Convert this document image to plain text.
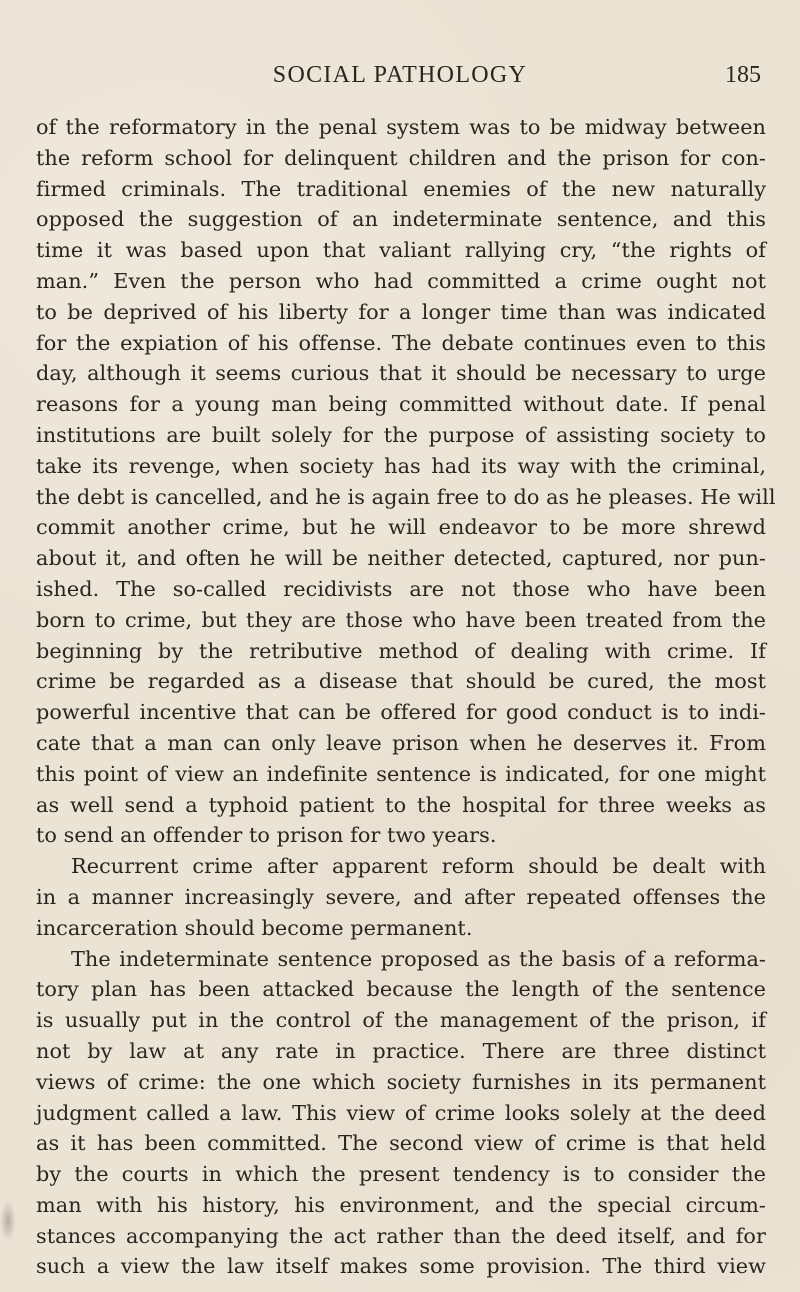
SOCIAL PATHOLOGY	185
of the reformatory in the penal system was to be midway between
the reform school for delinquent children and the prison for con-
firmed criminals. The traditional enemies of the new naturally
opposed the suggestion of an indeterminate sentence, and this
time it was based upon that valiant rallying cry, “the rights of
man.” Even the person who had committed a crime ought not
to be deprived of his liberty for a longer time than was indicated
for the expiation of his offense. The debate continues even to this
day, although it seems curious that it should be necessary to urge
reasons for a young man being committed without date. If penal
institutions are built solely for the purpose of assisting society to
take its revenge, when society has had its way with the criminal,
the debt is cancelled, and he is again free to do as he pleases. He will
commit another crime, but he will endeavor to be more shrewd
about it, and often he will be neither detected, captured, nor pun-
ished. The so-called recidivists are not those who have been
born to crime, but they are those who have been treated from the
beginning by the retributive method of dealing with crime. If
crime be regarded as a disease that should be cured, the most
powerful incentive that can be offered for good conduct is to indi-
cate that a man can only leave prison when he deserves it. From
this point of view an indefinite sentence is indicated, for one might
as well send a typhoid patient to the hospital for three weeks as
to send an offender to prison for two years.
Recurrent crime after apparent reform should be dealt with
in a manner increasingly severe, and after repeated offenses the
incarceration should become permanent.
The indeterminate sentence proposed as the basis of a reforma-
tory plan has been attacked because the length of the sentence
is usually put in the control of the management of the prison, if
not by law at any rate in practice. There are three distinct
views of crime: the one which society furnishes in its permanent
judgment called a law. This view of crime looks solely at the deed
as it has been committed. The second view of crime is that held
by the courts in which the present tendency is to consider the
man with his history, his environment, and the special circum-
stances accompanying the act rather than the deed itself, and for
such a view the law itself makes some provision. The third view
